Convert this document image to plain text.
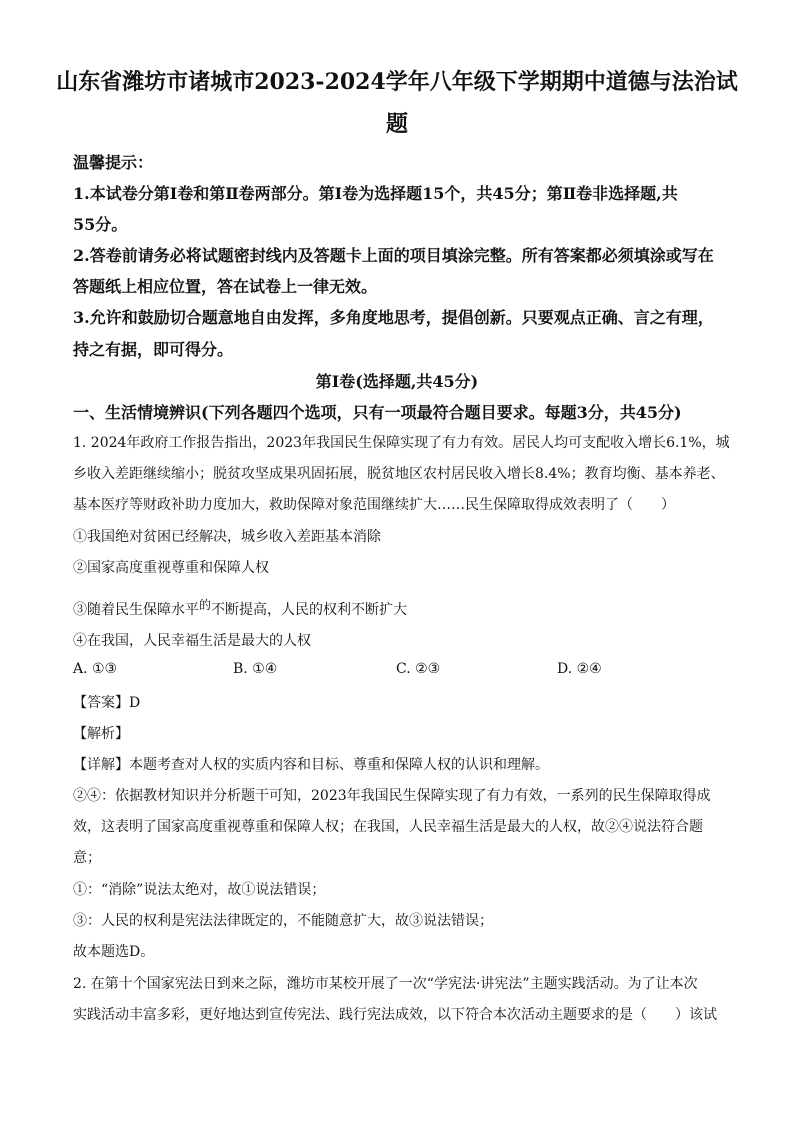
山东省潍坊市诸城市2023-2024学年八年级下学期期中道德与法治试
题
温馨提示：
1.本试卷分第Ⅰ卷和第Ⅱ卷两部分。第Ⅰ卷为选择题15个，共45分；第Ⅱ卷非选择题,共
55分。
2.答卷前请务必将试题密封线内及答题卡上面的项目填涂完整。所有答案都必须填涂或写在
答题纸上相应位置，答在试卷上一律无效。
3.允许和鼓励切合题意地自由发挥，多角度地思考，提倡创新。只要观点正确、言之有理，
持之有据，即可得分。
第Ⅰ卷(选择题,共45分)
一、生活情境辨识(下列各题四个选项，只有一项最符合题目要求。每题3分，共45分)
1. 2024年政府工作报告指出，2023年我国民生保障实现了有力有效。居民人均可支配收入增长6.1%，城
乡收入差距继续缩小；脱贫攻坚成果巩固拓展，脱贫地区农村居民收入增长8.4%；教育均衡、基本养老、
基本医疗等财政补助力度加大，救助保障对象范围继续扩大……民生保障取得成效表明了（　　）
①我国绝对贫困已经解决，城乡收入差距基本消除
②国家高度重视尊重和保障人权
③随着民生保障水平的不断提高，人民的权利不断扩大
④在我国，人民幸福生活是最大的人权
A. ①③	B. ①④	C. ②③	D. ②④
【答案】D
【解析】
【详解】本题考查对人权的实质内容和目标、尊重和保障人权的认识和理解。
②④：依据教材知识并分析题干可知，2023年我国民生保障实现了有力有效，一系列的民生保障取得成
效，这表明了国家高度重视尊重和保障人权；在我国，人民幸福生活是最大的人权，故②④说法符合题
意；
①：“消除”说法太绝对，故①说法错误；
③：人民的权利是宪法法律既定的，不能随意扩大，故③说法错误；
故本题选D。
2. 在第十个国家宪法日到来之际，潍坊市某校开展了一次“学宪法·讲宪法”主题实践活动。为了让本次
实践活动丰富多彩，更好地达到宣传宪法、践行宪法成效，以下符合本次活动主题要求的是（　　）该试
